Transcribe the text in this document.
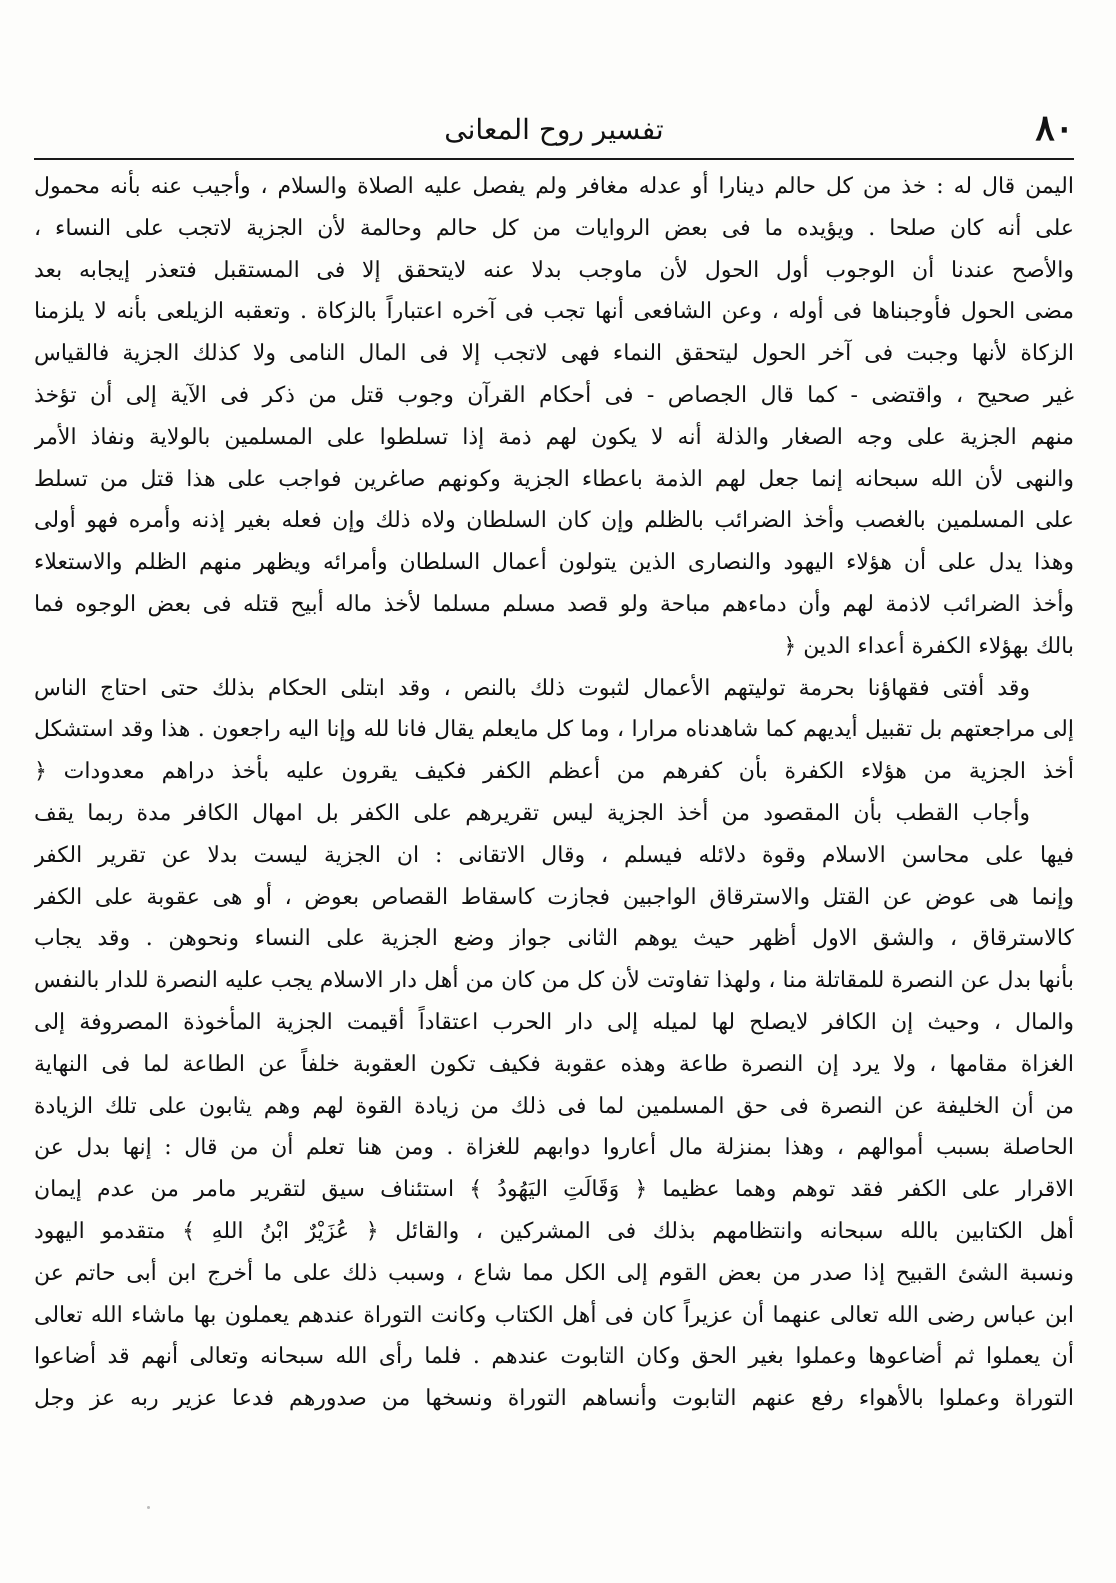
٨٠
تفسير روح المعانى
اليمن قال له : خذ من كل حالم دينارا أو عدله مغافر ولم يفصل عليه الصلاة والسلام ، وأجيب عنه بأنه محمول
على أنه كان صلحا . ويؤيده ما فى بعض الروايات من كل حالم وحالمة لأن الجزية لاتجب على النساء ،
والأصح عندنا أن الوجوب أول الحول لأن ماوجب بدلا عنه لايتحقق إلا فى المستقبل فتعذر إيجابه بعد
مضى الحول فأوجبناها فى أوله ، وعن الشافعى أنها تجب فى آخره اعتباراً بالزكاة . وتعقبه الزيلعى بأنه لا يلزمنا
الزكاة لأنها وجبت فى آخر الحول ليتحقق النماء فهى لاتجب إلا فى المال النامى ولا كذلك الجزية فالقياس
غير صحيح ، واقتضى - كما قال الجصاص - فى أحكام القرآن وجوب قتل من ذكر فى الآية إلى أن تؤخذ
منهم الجزية على وجه الصغار والذلة أنه لا يكون لهم ذمة إذا تسلطوا على المسلمين بالولاية ونفاذ الأمر
والنهى لأن الله سبحانه إنما جعل لهم الذمة باعطاء الجزية وكونهم صاغرين فواجب على هذا قتل من تسلط
على المسلمين بالغصب وأخذ الضرائب بالظلم وإن كان السلطان ولاه ذلك وإن فعله بغير إذنه وأمره فهو أولى
وهذا يدل على أن هؤلاء اليهود والنصارى الذين يتولون أعمال السلطان وأمرائه ويظهر منهم الظلم والاستعلاء
وأخذ الضرائب لاذمة لهم وأن دماءهم مباحة ولو قصد مسلم مسلما لأخذ ماله أبيح قتله فى بعض الوجوه فما
بالك بهؤلاء الكفرة أعداء الدين ﴿
وقد أفتى فقهاؤنا بحرمة توليتهم الأعمال لثبوت ذلك بالنص ، وقد ابتلى الحكام بذلك حتى احتاج الناس
إلى مراجعتهم بل تقبيل أيديهم كما شاهدناه مرارا ، وما كل مايعلم يقال فانا لله وإنا اليه راجعون . هذا وقد استشكل
أخذ الجزية من هؤلاء الكفرة بأن كفرهم من أعظم الكفر فكيف يقرون عليه بأخذ دراهم معدودات ﴿
وأجاب القطب بأن المقصود من أخذ الجزية ليس تقريرهم على الكفر بل امهال الكافر مدة ربما يقف
فيها على محاسن الاسلام وقوة دلائله فيسلم ، وقال الاتقانى : ان الجزية ليست بدلا عن تقرير الكفر
وإنما هى عوض عن القتل والاسترقاق الواجبين فجازت كاسقاط القصاص بعوض ، أو هى عقوبة على الكفر
كالاسترقاق ، والشق الاول أظهر حيث يوهم الثانى جواز وضع الجزية على النساء ونحوهن . وقد يجاب
بأنها بدل عن النصرة للمقاتلة منا ، ولهذا تفاوتت لأن كل من كان من أهل دار الاسلام يجب عليه النصرة للدار بالنفس
والمال ، وحيث إن الكافر لايصلح لها لميله إلى دار الحرب اعتقاداً أقيمت الجزية المأخوذة المصروفة إلى
الغزاة مقامها ، ولا يرد إن النصرة طاعة وهذه عقوبة فكيف تكون العقوبة خلفاً عن الطاعة لما فى النهاية
من أن الخليفة عن النصرة فى حق المسلمين لما فى ذلك من زيادة القوة لهم وهم يثابون على تلك الزيادة
الحاصلة بسبب أموالهم ، وهذا بمنزلة مال أعاروا دوابهم للغزاة . ومن هنا تعلم أن من قال : إنها بدل عن
الاقرار على الكفر فقد توهم وهما عظيما ﴿ وَقَالَتِ اليَهُودُ ﴾ استئناف سيق لتقرير مامر من عدم إيمان
أهل الكتابين بالله سبحانه وانتظامهم بذلك فى المشركين ، والقائل ﴿ عُزَيْرٌ ابْنُ اللهِ ﴾ متقدمو اليهود
ونسبة الشئ القبيح إذا صدر من بعض القوم إلى الكل مما شاع ، وسبب ذلك على ما أخرج ابن أبى حاتم عن
ابن عباس رضى الله تعالى عنهما أن عزيراً كان فى أهل الكتاب وكانت التوراة عندهم يعملون بها ماشاء الله تعالى
أن يعملوا ثم أضاعوها وعملوا بغير الحق وكان التابوت عندهم . فلما رأى الله سبحانه وتعالى أنهم قد أضاعوا
التوراة وعملوا بالأهواء رفع عنهم التابوت وأنساهم التوراة ونسخها من صدورهم فدعا عزير ربه عز وجل
